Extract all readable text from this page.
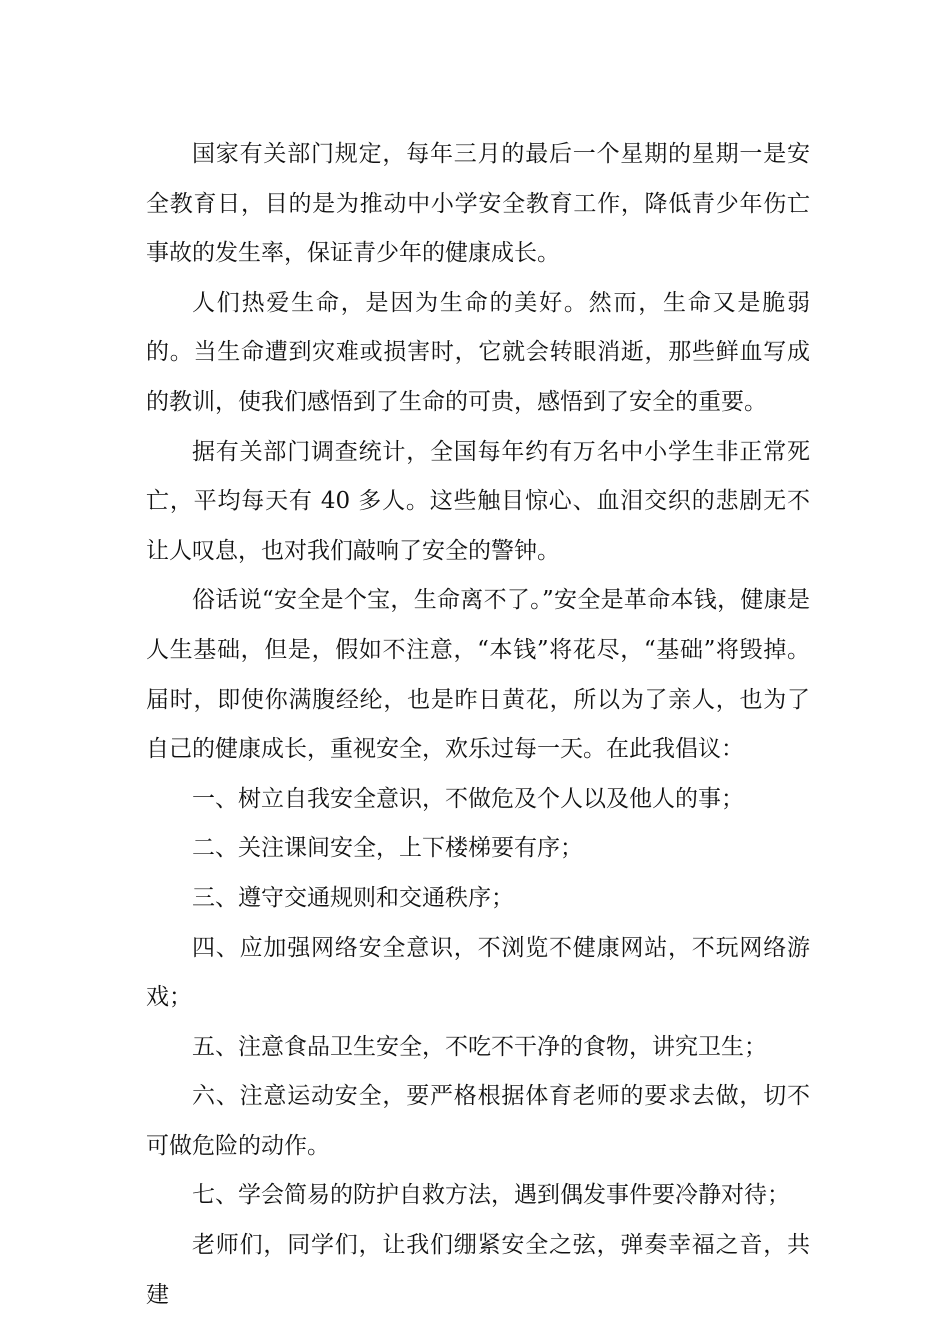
国家有关部门规定，每年三月的最后一个星期的星期一是安全教育日，目的是为推动中小学安全教育工作，降低青少年伤亡事故的发生率，保证青少年的健康成长。

人们热爱生命，是因为生命的美好。然而，生命又是脆弱的。当生命遭到灾难或损害时，它就会转眼消逝，那些鲜血写成的教训，使我们感悟到了生命的可贵，感悟到了安全的重要。

据有关部门调查统计，全国每年约有万名中小学生非正常死亡，平均每天有 40 多人。这些触目惊心、血泪交织的悲剧无不让人叹息，也对我们敲响了安全的警钟。

俗话说“安全是个宝，生命离不了。”安全是革命本钱，健康是人生基础，但是，假如不注意，“本钱”将花尽，“基础”将毁掉。届时，即使你满腹经纶，也是昨日黄花，所以为了亲人，也为了自己的健康成长，重视安全，欢乐过每一天。在此我倡议：

一、树立自我安全意识，不做危及个人以及他人的事；

二、关注课间安全，上下楼梯要有序；

三、遵守交通规则和交通秩序；

四、应加强网络安全意识，不浏览不健康网站，不玩网络游戏；

五、注意食品卫生安全，不吃不干净的食物，讲究卫生；

六、注意运动安全，要严格根据体育老师的要求去做，切不可做危险的动作。

七、学会简易的防护自救方法，遇到偶发事件要冷静对待；

老师们，同学们，让我们绷紧安全之弦，弹奏幸福之音，共建
